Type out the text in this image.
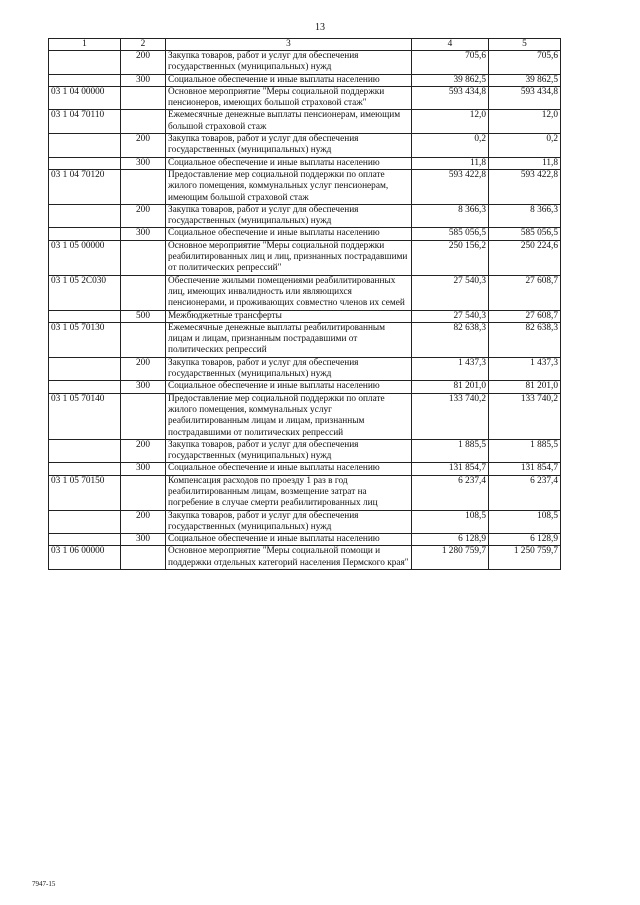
13
1	2	3	4	5
	200	Закупка товаров, работ и услуг для обеспечения государственных (муниципальных) нужд	705,6	705,6
	300	Социальное обеспечение и иные выплаты населению	39 862,5	39 862,5
03 1 04 00000		Основное мероприятие "Меры социальной поддержки пенсионеров, имеющих большой страховой стаж"	593 434,8	593 434,8
03 1 04 70110		Ежемесячные денежные выплаты пенсионерам, имеющим большой страховой стаж	12,0	12,0
	200	Закупка товаров, работ и услуг для обеспечения государственных (муниципальных) нужд	0,2	0,2
	300	Социальное обеспечение и иные выплаты населению	11,8	11,8
03 1 04 70120		Предоставление мер социальной поддержки по оплате жилого помещения, коммунальных услуг пенсионерам, имеющим большой страховой стаж	593 422,8	593 422,8
	200	Закупка товаров, работ и услуг для обеспечения государственных (муниципальных) нужд	8 366,3	8 366,3
	300	Социальное обеспечение и иные выплаты населению	585 056,5	585 056,5
03 1 05 00000		Основное мероприятие "Меры социальной поддержки реабилитированных лиц и лиц, признанных пострадавшими от политических репрессий"	250 156,2	250 224,6
03 1 05 2С030		Обеспечение жилыми помещениями реабилитированных лиц, имеющих инвалидность или являющихся пенсионерами, и проживающих совместно членов их семей	27 540,3	27 608,7
	500	Межбюджетные трансферты	27 540,3	27 608,7
03 1 05 70130		Ежемесячные денежные выплаты реабилитированным лицам и лицам, признанным пострадавшими от политических репрессий	82 638,3	82 638,3
	200	Закупка товаров, работ и услуг для обеспечения государственных (муниципальных) нужд	1 437,3	1 437,3
	300	Социальное обеспечение и иные выплаты населению	81 201,0	81 201,0
03 1 05 70140		Предоставление мер социальной поддержки по оплате жилого помещения, коммунальных услуг реабилитированным лицам и лицам, признанным пострадавшими от политических репрессий	133 740,2	133 740,2
	200	Закупка товаров, работ и услуг для обеспечения государственных (муниципальных) нужд	1 885,5	1 885,5
	300	Социальное обеспечение и иные выплаты населению	131 854,7	131 854,7
03 1 05 70150		Компенсация расходов по проезду 1 раз в год реабилитированным лицам, возмещение затрат на погребение в случае смерти реабилитированных лиц	6 237,4	6 237,4
	200	Закупка товаров, работ и услуг для обеспечения государственных (муниципальных) нужд	108,5	108,5
	300	Социальное обеспечение и иные выплаты населению	6 128,9	6 128,9
03 1 06 00000		Основное мероприятие "Меры социальной помощи и поддержки отдельных категорий населения Пермского края"	1 280 759,7	1 250 759,7
7947-15
